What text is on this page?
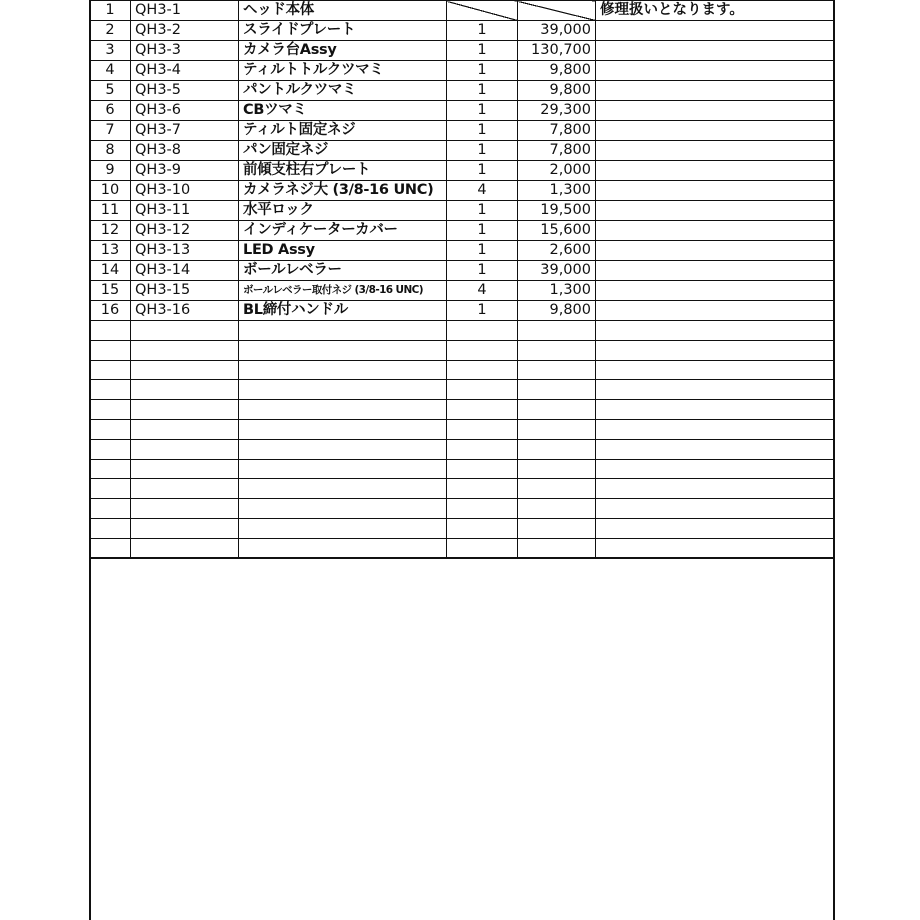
1	QH3-1	ヘッド本体			修理扱いとなります。
2	QH3-2	スライドプレート	1	39,000	
3	QH3-3	カメラ台Assy	1	130,700	
4	QH3-4	ティルトトルクツマミ	1	9,800	
5	QH3-5	パントルクツマミ	1	9,800	
6	QH3-6	CBツマミ	1	29,300	
7	QH3-7	ティルト固定ネジ	1	7,800	
8	QH3-8	パン固定ネジ	1	7,800	
9	QH3-9	前傾支柱右プレート	1	2,000	
10	QH3-10	カメラネジ大 (3/8-16 UNC)	4	1,300	
11	QH3-11	水平ロック	1	19,500	
12	QH3-12	インディケーターカバー	1	15,600	
13	QH3-13	LED Assy	1	2,600	
14	QH3-14	ボールレベラー	1	39,000	
15	QH3-15	ボールレベラー取付ネジ (3/8-16 UNC)	4	1,300	
16	QH3-16	BL締付ハンドル	1	9,800	
